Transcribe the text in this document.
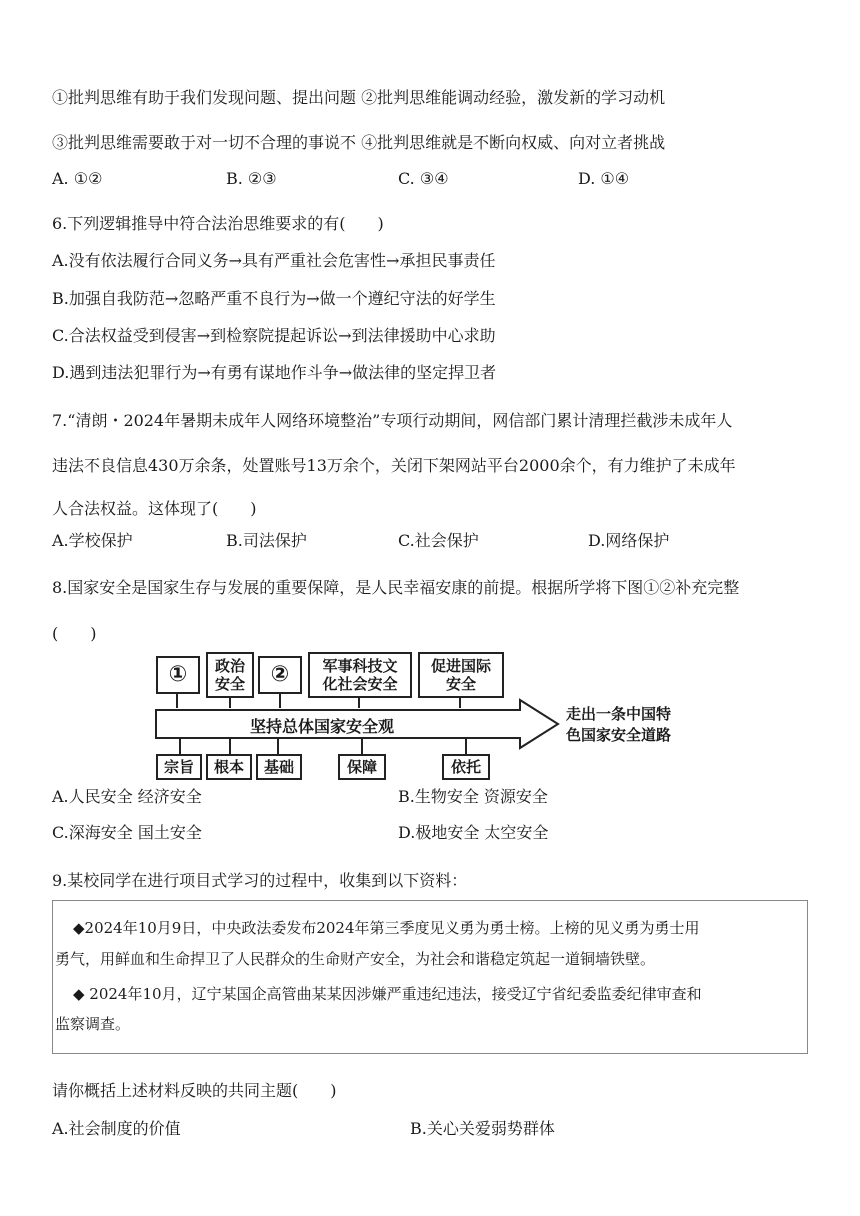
①批判思维有助于我们发现问题、提出问题 ②批判思维能调动经验，激发新的学习动机
③批判思维需要敢于对一切不合理的事说不 ④批判思维就是不断向权威、向对立者挑战
A. ①②	B. ②③	C. ③④	D. ①④
6.下列逻辑推导中符合法治思维要求的有(　　)
A.没有依法履行合同义务→具有严重社会危害性→承担民事责任
B.加强自我防范→忽略严重不良行为→做一个遵纪守法的好学生
C.合法权益受到侵害→到检察院提起诉讼→到法律援助中心求助
D.遇到违法犯罪行为→有勇有谋地作斗争→做法律的坚定捍卫者
7.“清朗・2024年暑期未成年人网络环境整治”专项行动期间，网信部门累计清理拦截涉未成年人
违法不良信息430万余条，处置账号13万余个，关闭下架网站平台2000余个，有力维护了未成年
人合法权益。这体现了(　　)
A.学校保护	B.司法保护	C.社会保护	D.网络保护
8.国家安全是国家生存与发展的重要保障，是人民幸福安康的前提。根据所学将下图①②补充完整
(　　)
①	政治
安全	②	军事科技文
化社会安全
促进国际
安全
坚持总体国家安全观
走出一条中国特
色国家安全道路
宗旨	根本	基础	保障	依托
A.人民安全 经济安全	B.生物安全 资源安全
C.深海安全 国土安全	D.极地安全 太空安全
9.某校同学在进行项目式学习的过程中，收集到以下资料：
◆2024年10月9日，中央政法委发布2024年第三季度见义勇为勇士榜。上榜的见义勇为勇士用
勇气，用鲜血和生命捍卫了人民群众的生命财产安全，为社会和谐稳定筑起一道铜墙铁壁。
◆ 2024年10月，辽宁某国企高管曲某某因涉嫌严重违纪违法，接受辽宁省纪委监委纪律审查和
监察调查。
请你概括上述材料反映的共同主题(　　)
A.社会制度的价值	B.关心关爱弱势群体
